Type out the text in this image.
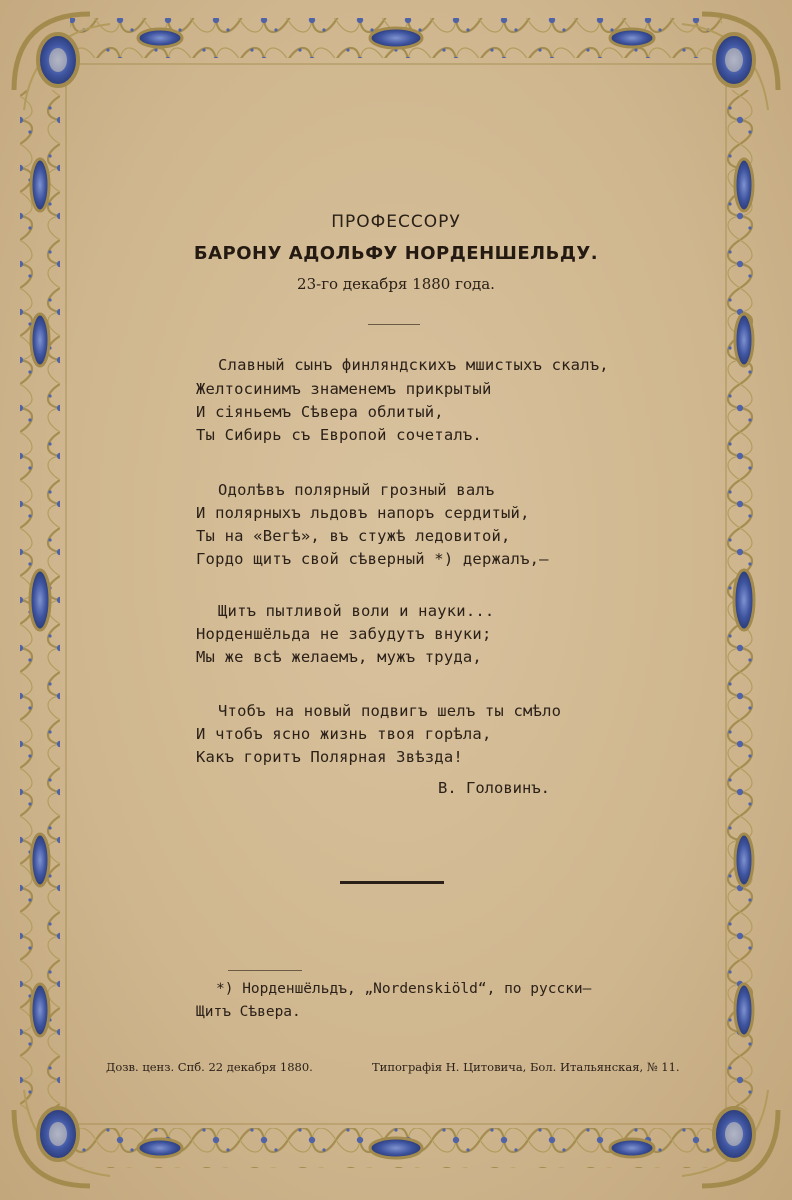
ПРОФЕССОРУ
БАРОНУ АДОЛЬФУ НОРДЕНШЕЛЬДУ.
23-го декабря 1880 года.
Славный сынъ финляндскихъ мшистыхъ скалъ,
Желтосинимъ знаменемъ прикрытый
И сіяньемъ Сѣвера облитый,
Ты Сибирь съ Европой сочеталъ.
Одолѣвъ полярный грозный валъ
И полярныхъ льдовъ напоръ сердитый,
Ты на «Вегѣ», въ стужѣ ледовитой,
Гордо щитъ свой сѣверный *) держалъ,—
Щитъ пытливой воли и науки...
Норденшёльда не забудутъ внуки;
Мы же всѣ желаемъ, мужъ труда,
Чтобъ на новый подвигъ шелъ ты смѣло
И чтобъ ясно жизнь твоя горѣла,
Какъ горитъ Полярная Звѣзда!
В. Головинъ.
*) Норденшёльдъ, „Nordenskiöld“, по русски—
Щитъ Сѣвера.
Дозв. ценз. Спб. 22 декабря 1880.	Типографія Н. Цитовича, Бол. Итальянская, № 11.
